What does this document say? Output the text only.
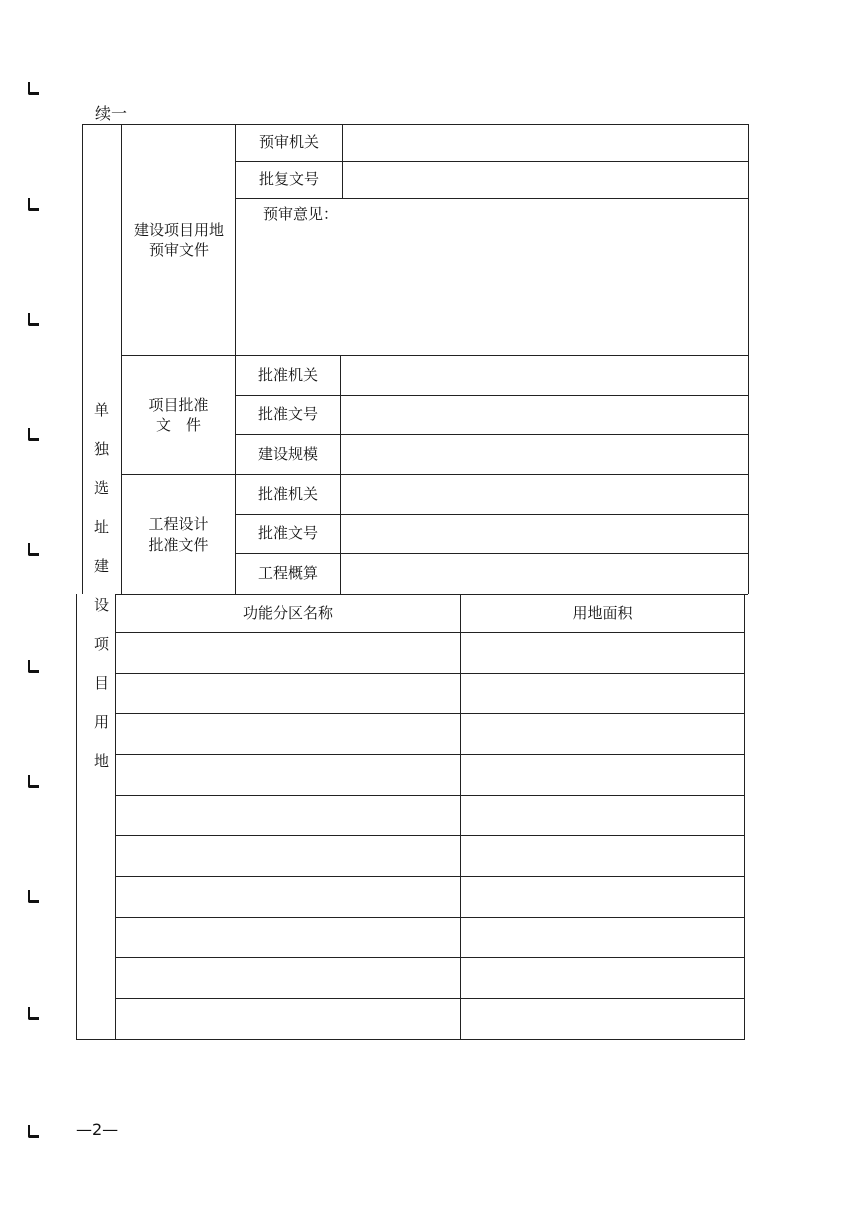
续一
单
独
选
址
建
设
项
目
用
地
建设项目用地预审文件
预审机关
批复文号
预审意见：
项目批准文　件
批准机关
批准文号
建设规模
工程设计批准文件
批准机关
批准文号
工程概算
功能分区名称	用地面积
—2—
